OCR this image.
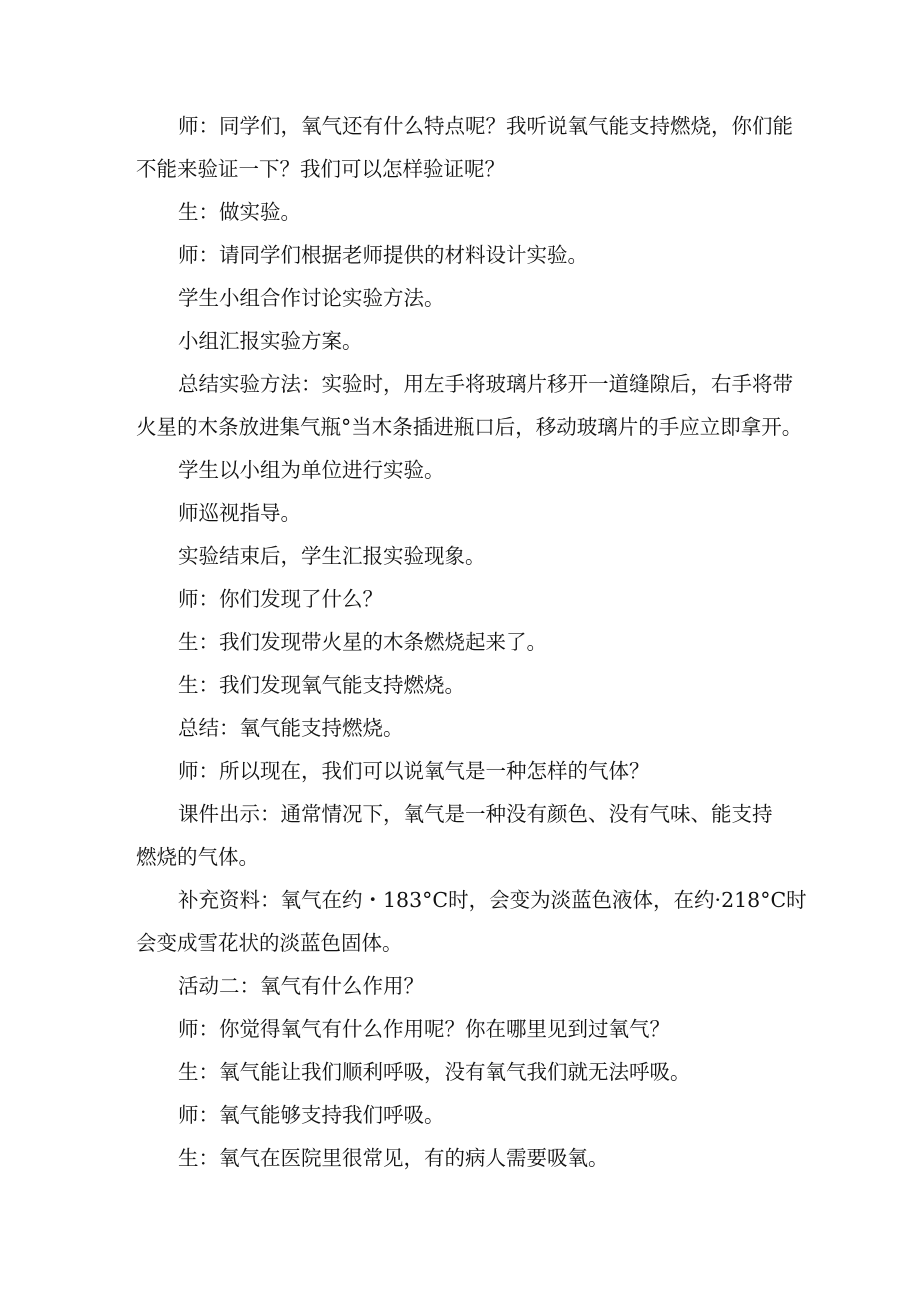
师：同学们，氧气还有什么特点呢？我听说氧气能支持燃烧，你们能
不能来验证一下？我们可以怎样验证呢？

生：做实验。

师：请同学们根据老师提供的材料设计实验。

学生小组合作讨论实验方法。

小组汇报实验方案。

总结实验方法：实验时，用左手将玻璃片移开一道缝隙后，右手将带
火星的木条放进集气瓶°当木条插进瓶口后，移动玻璃片的手应立即拿开。

学生以小组为单位进行实验。

师巡视指导。

实验结束后，学生汇报实验现象。

师：你们发现了什么？

生：我们发现带火星的木条燃烧起来了。

生：我们发现氧气能支持燃烧。

总结：氧气能支持燃烧。

师：所以现在，我们可以说氧气是一种怎样的气体？

课件出示：通常情况下，氧气是一种没有颜色、没有气味、能支持
燃烧的气体。

补充资料：氧气在约・183°C时，会变为淡蓝色液体，在约·218°C时
会变成雪花状的淡蓝色固体。

活动二：氧气有什么作用？

师：你觉得氧气有什么作用呢？你在哪里见到过氧气？

生：氧气能让我们顺利呼吸，没有氧气我们就无法呼吸。

师：氧气能够支持我们呼吸。

生：氧气在医院里很常见，有的病人需要吸氧。
